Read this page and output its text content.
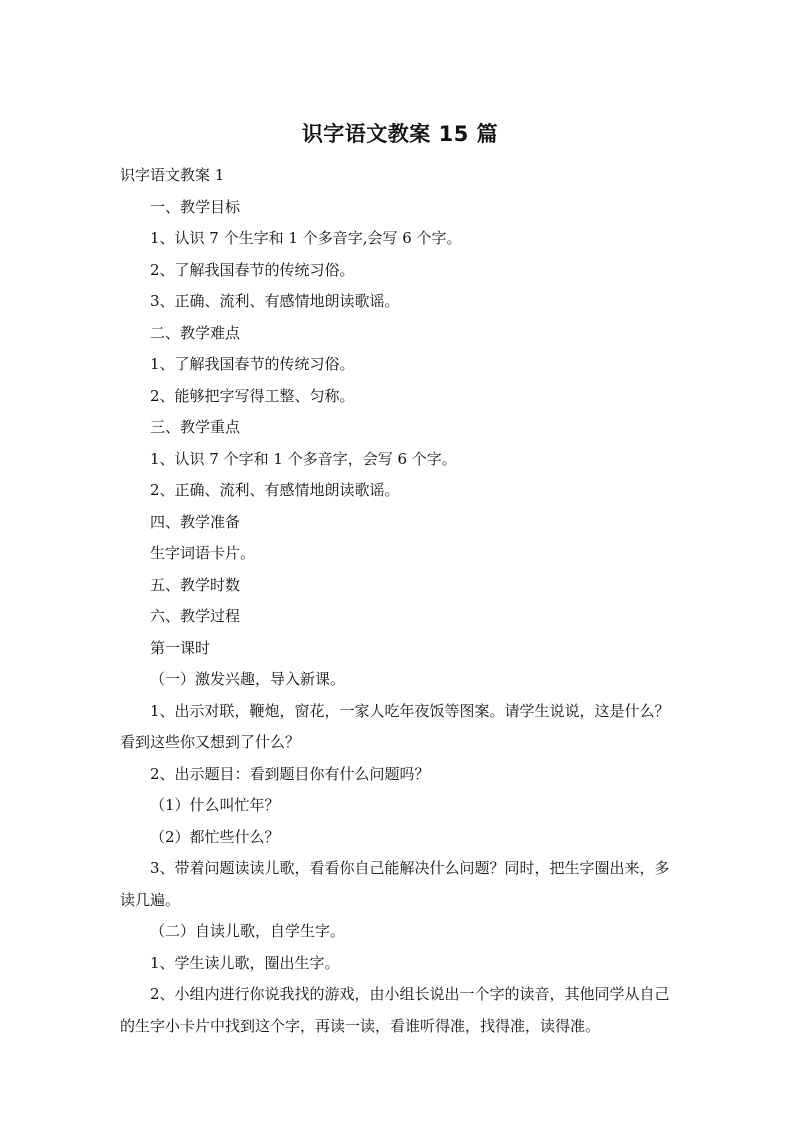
识字语文教案 15 篇

识字语文教案 1

一、教学目标

1、认识 7 个生字和 1 个多音字,会写 6 个字。

2、了解我国春节的传统习俗。

3、正确、流利、有感情地朗读歌谣。

二、教学难点

1、了解我国春节的传统习俗。

2、能够把字写得工整、匀称。

三、教学重点

1、认识 7 个字和 1 个多音字，会写 6 个字。

2、正确、流利、有感情地朗读歌谣。

四、教学准备

生字词语卡片。

五、教学时数

六、教学过程

第一课时

（一）激发兴趣，导入新课。

1、出示对联，鞭炮，窗花，一家人吃年夜饭等图案。请学生说说，这是什么？看到这些你又想到了什么？

2、出示题目：看到题目你有什么问题吗？

（1）什么叫忙年？

（2）都忙些什么？

3、带着问题读读儿歌，看看你自己能解决什么问题？同时，把生字圈出来，多读几遍。

（二）自读儿歌，自学生字。

1、学生读儿歌，圈出生字。

2、小组内进行你说我找的游戏，由小组长说出一个字的读音，其他同学从自己的生字小卡片中找到这个字，再读一读，看谁听得准，找得准，读得准。
